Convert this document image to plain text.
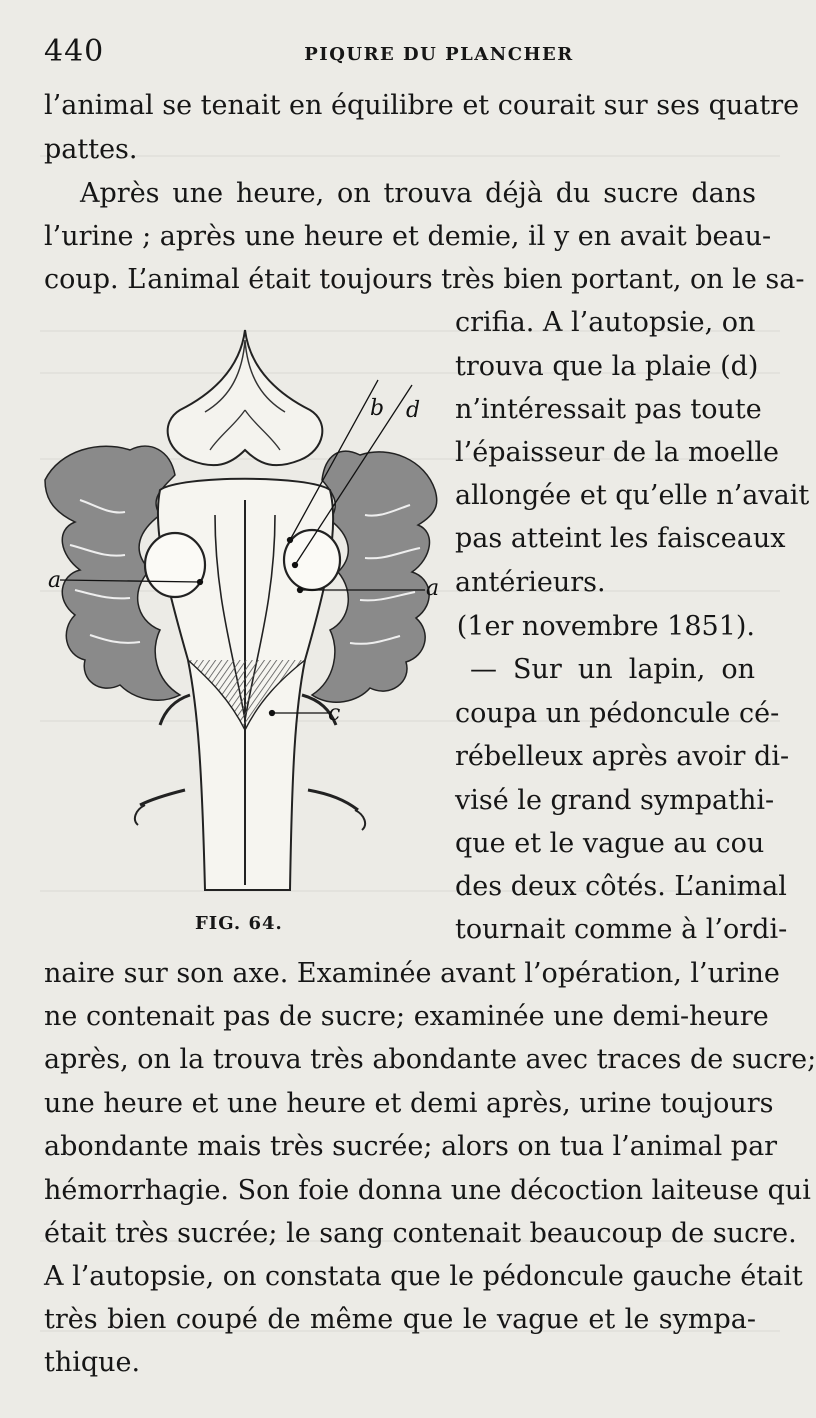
440	PIQURE DU PLANCHER
l’animal se tenait en équilibre et courait sur ses quatre
pattes.
Après une heure, on trouva déjà du sucre dans
l’urine ; après une heure et demie, il y en avait beau-
coup. L’animal était toujours très bien portant, on le sa-
crifia. A l’autopsie, on
trouva que la plaie (d)
n’intéressait pas toute
l’épaisseur de la moelle
allongée et qu’elle n’avait
pas atteint les faisceaux
antérieurs.
(1er novembre 1851).
— Sur un lapin, on
coupa un pédoncule cé-
rébelleux après avoir di-
visé le grand sympathi-
que et le vague au cou
des deux côtés. L’animal
tournait comme à l’ordi-
naire sur son axe. Examinée avant l’opération, l’urine
ne contenait pas de sucre; examinée une demi-heure
après, on la trouva très abondante avec traces de sucre;
une heure et une heure et demi après, urine toujours
abondante mais très sucrée; alors on tua l’animal par
hémorrhagie. Son foie donna une décoction laiteuse qui
était très sucrée; le sang contenait beaucoup de sucre.
A l’autopsie, on constata que le pédoncule gauche était
très bien coupé de même que le vague et le sympa-
thique.
a	a
c
b d
FIG. 64.
